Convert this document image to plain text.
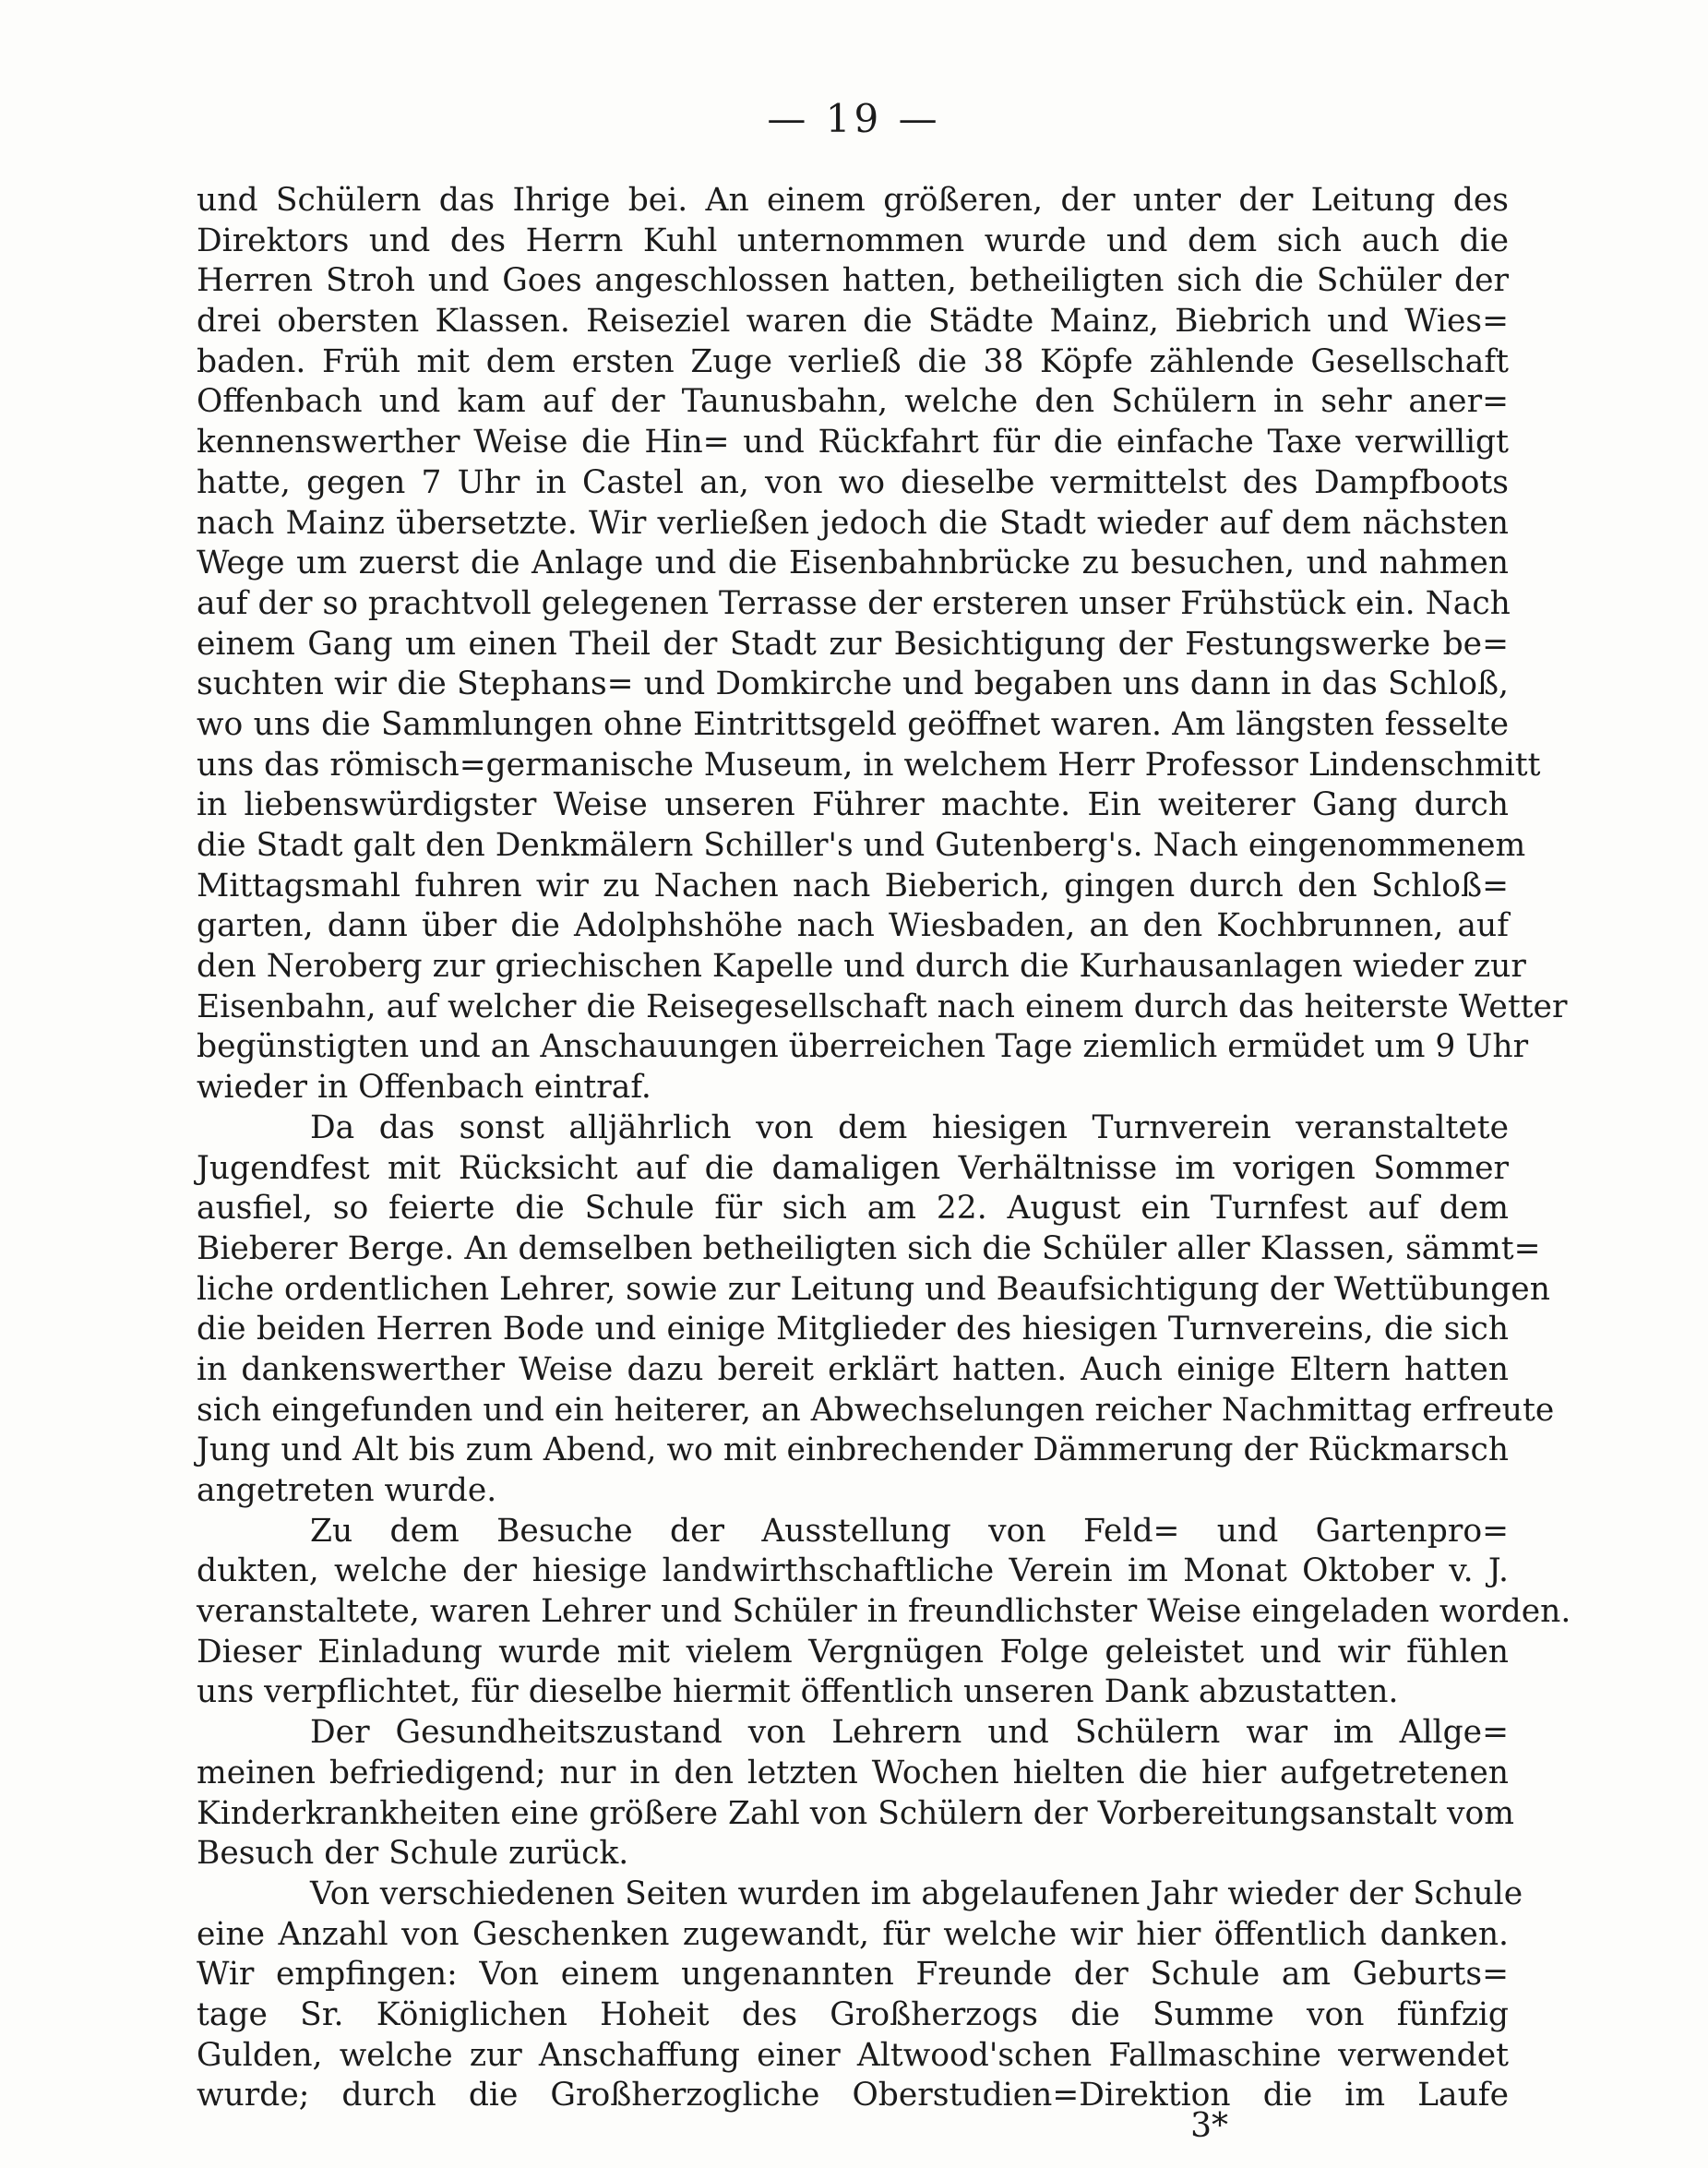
— 19 —
und Schülern das Ihrige bei. An einem größeren, der unter der Leitung des
Direktors und des Herrn Kuhl unternommen wurde und dem sich auch die
Herren Stroh und Goes angeschlossen hatten, betheiligten sich die Schüler der
drei obersten Klassen. Reiseziel waren die Städte Mainz, Biebrich und Wies=
baden. Früh mit dem ersten Zuge verließ die 38 Köpfe zählende Gesellschaft
Offenbach und kam auf der Taunusbahn, welche den Schülern in sehr aner=
kennenswerther Weise die Hin= und Rückfahrt für die einfache Taxe verwilligt
hatte, gegen 7 Uhr in Castel an, von wo dieselbe vermittelst des Dampfboots
nach Mainz übersetzte. Wir verließen jedoch die Stadt wieder auf dem nächsten
Wege um zuerst die Anlage und die Eisenbahnbrücke zu besuchen, und nahmen
auf der so prachtvoll gelegenen Terrasse der ersteren unser Frühstück ein. Nach
einem Gang um einen Theil der Stadt zur Besichtigung der Festungswerke be=
suchten wir die Stephans= und Domkirche und begaben uns dann in das Schloß,
wo uns die Sammlungen ohne Eintrittsgeld geöffnet waren. Am längsten fesselte
uns das römisch=germanische Museum, in welchem Herr Professor Lindenschmitt
in liebenswürdigster Weise unseren Führer machte. Ein weiterer Gang durch
die Stadt galt den Denkmälern Schiller's und Gutenberg's. Nach eingenommenem
Mittagsmahl fuhren wir zu Nachen nach Bieberich, gingen durch den Schloß=
garten, dann über die Adolphshöhe nach Wiesbaden, an den Kochbrunnen, auf
den Neroberg zur griechischen Kapelle und durch die Kurhausanlagen wieder zur
Eisenbahn, auf welcher die Reisegesellschaft nach einem durch das heiterste Wetter
begünstigten und an Anschauungen überreichen Tage ziemlich ermüdet um 9 Uhr
wieder in Offenbach eintraf.
Da das sonst alljährlich von dem hiesigen Turnverein veranstaltete
Jugendfest mit Rücksicht auf die damaligen Verhältnisse im vorigen Sommer
ausfiel, so feierte die Schule für sich am 22. August ein Turnfest auf dem
Bieberer Berge. An demselben betheiligten sich die Schüler aller Klassen, sämmt=
liche ordentlichen Lehrer, sowie zur Leitung und Beaufsichtigung der Wettübungen
die beiden Herren Bode und einige Mitglieder des hiesigen Turnvereins, die sich
in dankenswerther Weise dazu bereit erklärt hatten. Auch einige Eltern hatten
sich eingefunden und ein heiterer, an Abwechselungen reicher Nachmittag erfreute
Jung und Alt bis zum Abend, wo mit einbrechender Dämmerung der Rückmarsch
angetreten wurde.
Zu dem Besuche der Ausstellung von Feld= und Gartenpro=
dukten, welche der hiesige landwirthschaftliche Verein im Monat Oktober v. J.
veranstaltete, waren Lehrer und Schüler in freundlichster Weise eingeladen worden.
Dieser Einladung wurde mit vielem Vergnügen Folge geleistet und wir fühlen
uns verpflichtet, für dieselbe hiermit öffentlich unseren Dank abzustatten.
Der Gesundheitszustand von Lehrern und Schülern war im Allge=
meinen befriedigend; nur in den letzten Wochen hielten die hier aufgetretenen
Kinderkrankheiten eine größere Zahl von Schülern der Vorbereitungsanstalt vom
Besuch der Schule zurück.
Von verschiedenen Seiten wurden im abgelaufenen Jahr wieder der Schule
eine Anzahl von Geschenken zugewandt, für welche wir hier öffentlich danken.
Wir empfingen: Von einem ungenannten Freunde der Schule am Geburts=
tage Sr. Königlichen Hoheit des Großherzogs die Summe von fünfzig
Gulden, welche zur Anschaffung einer Altwood'schen Fallmaschine verwendet
wurde; durch die Großherzogliche Oberstudien=Direktion die im Laufe
3*
